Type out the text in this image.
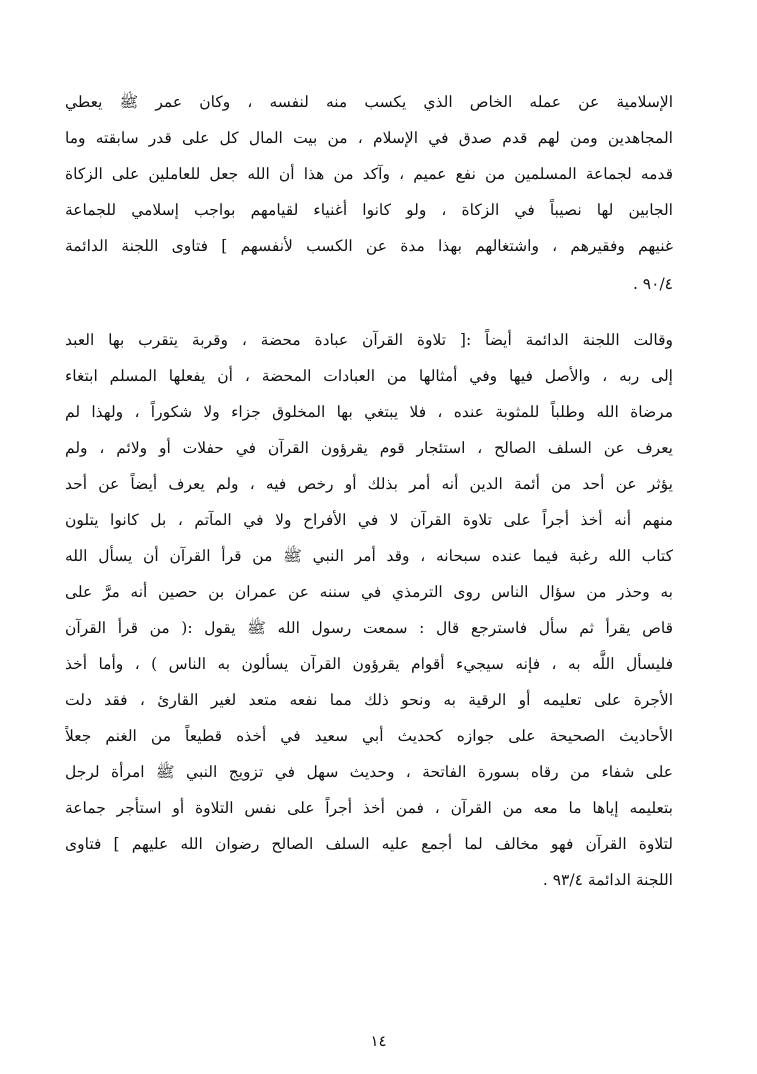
الإسلامية عن عمله الخاص الذي يكسب منه لنفسه ، وكان عمر ﷺ يعطي
المجاهدين ومن لهم قدم صدق في الإسلام ، من بيت المال كل على قدر سابقته وما
قدمه لجماعة المسلمين من نفع عميم ، وآكد من هذا أن الله جعل للعاملين على الزكاة
الجابين لها نصيباً في الزكاة ، ولو كانوا أغنياء لقيامهم بواجب إسلامي للجماعة
غنيهم وفقيرهم ، واشتغالهم بهذا مدة عن الكسب لأنفسهم ] فتاوى اللجنة الدائمة
٩٠/٤ .
وقالت اللجنة الدائمة أيضاً :[ تلاوة القرآن عبادة محضة ، وقربة يتقرب بها العبد
إلى ربه ، والأصل فيها وفي أمثالها من العبادات المحضة ، أن يفعلها المسلم ابتغاء
مرضاة الله وطلباً للمثوبة عنده ، فلا يبتغي بها المخلوق جزاء ولا شكوراً ، ولهذا لم
يعرف عن السلف الصالح ، استئجار قوم يقرؤون القرآن في حفلات أو ولائم ، ولم
يؤثر عن أحد من أئمة الدين أنه أمر بذلك أو رخص فيه ، ولم يعرف أيضاً عن أحد
منهم أنه أخذ أجراً على تلاوة القرآن لا في الأفراح ولا في المآتم ، بل كانوا يتلون
كتاب الله رغبة فيما عنده سبحانه ، وقد أمر النبي ﷺ من قرأ القرآن أن يسأل الله
به وحذر من سؤال الناس روى الترمذي في سننه عن عمران بن حصين أنه مرَّ على
قاص يقرأ ثم سأل فاسترجع قال : سمعت رسول الله ﷺ يقول :( من قرأ القرآن
فليسأل اللَّه به ، فإنه سيجيء أقوام يقرؤون القرآن يسألون به الناس ) ، وأما أخذ
الأجرة على تعليمه أو الرقية به ونحو ذلك مما نفعه متعد لغير القارئ ، فقد دلت
الأحاديث الصحيحة على جوازه كحديث أبي سعيد في أخذه قطيعاً من الغنم جعلاً
على شفاء من رقاه بسورة الفاتحة ، وحديث سهل في تزويج النبي ﷺ امرأة لرجل
بتعليمه إياها ما معه من القرآن ، فمن أخذ أجراً على نفس التلاوة أو استأجر جماعة
لتلاوة القرآن فهو مخالف لما أجمع عليه السلف الصالح رضوان الله عليهم ] فتاوى
اللجنة الدائمة ٩٣/٤ .
١٤
